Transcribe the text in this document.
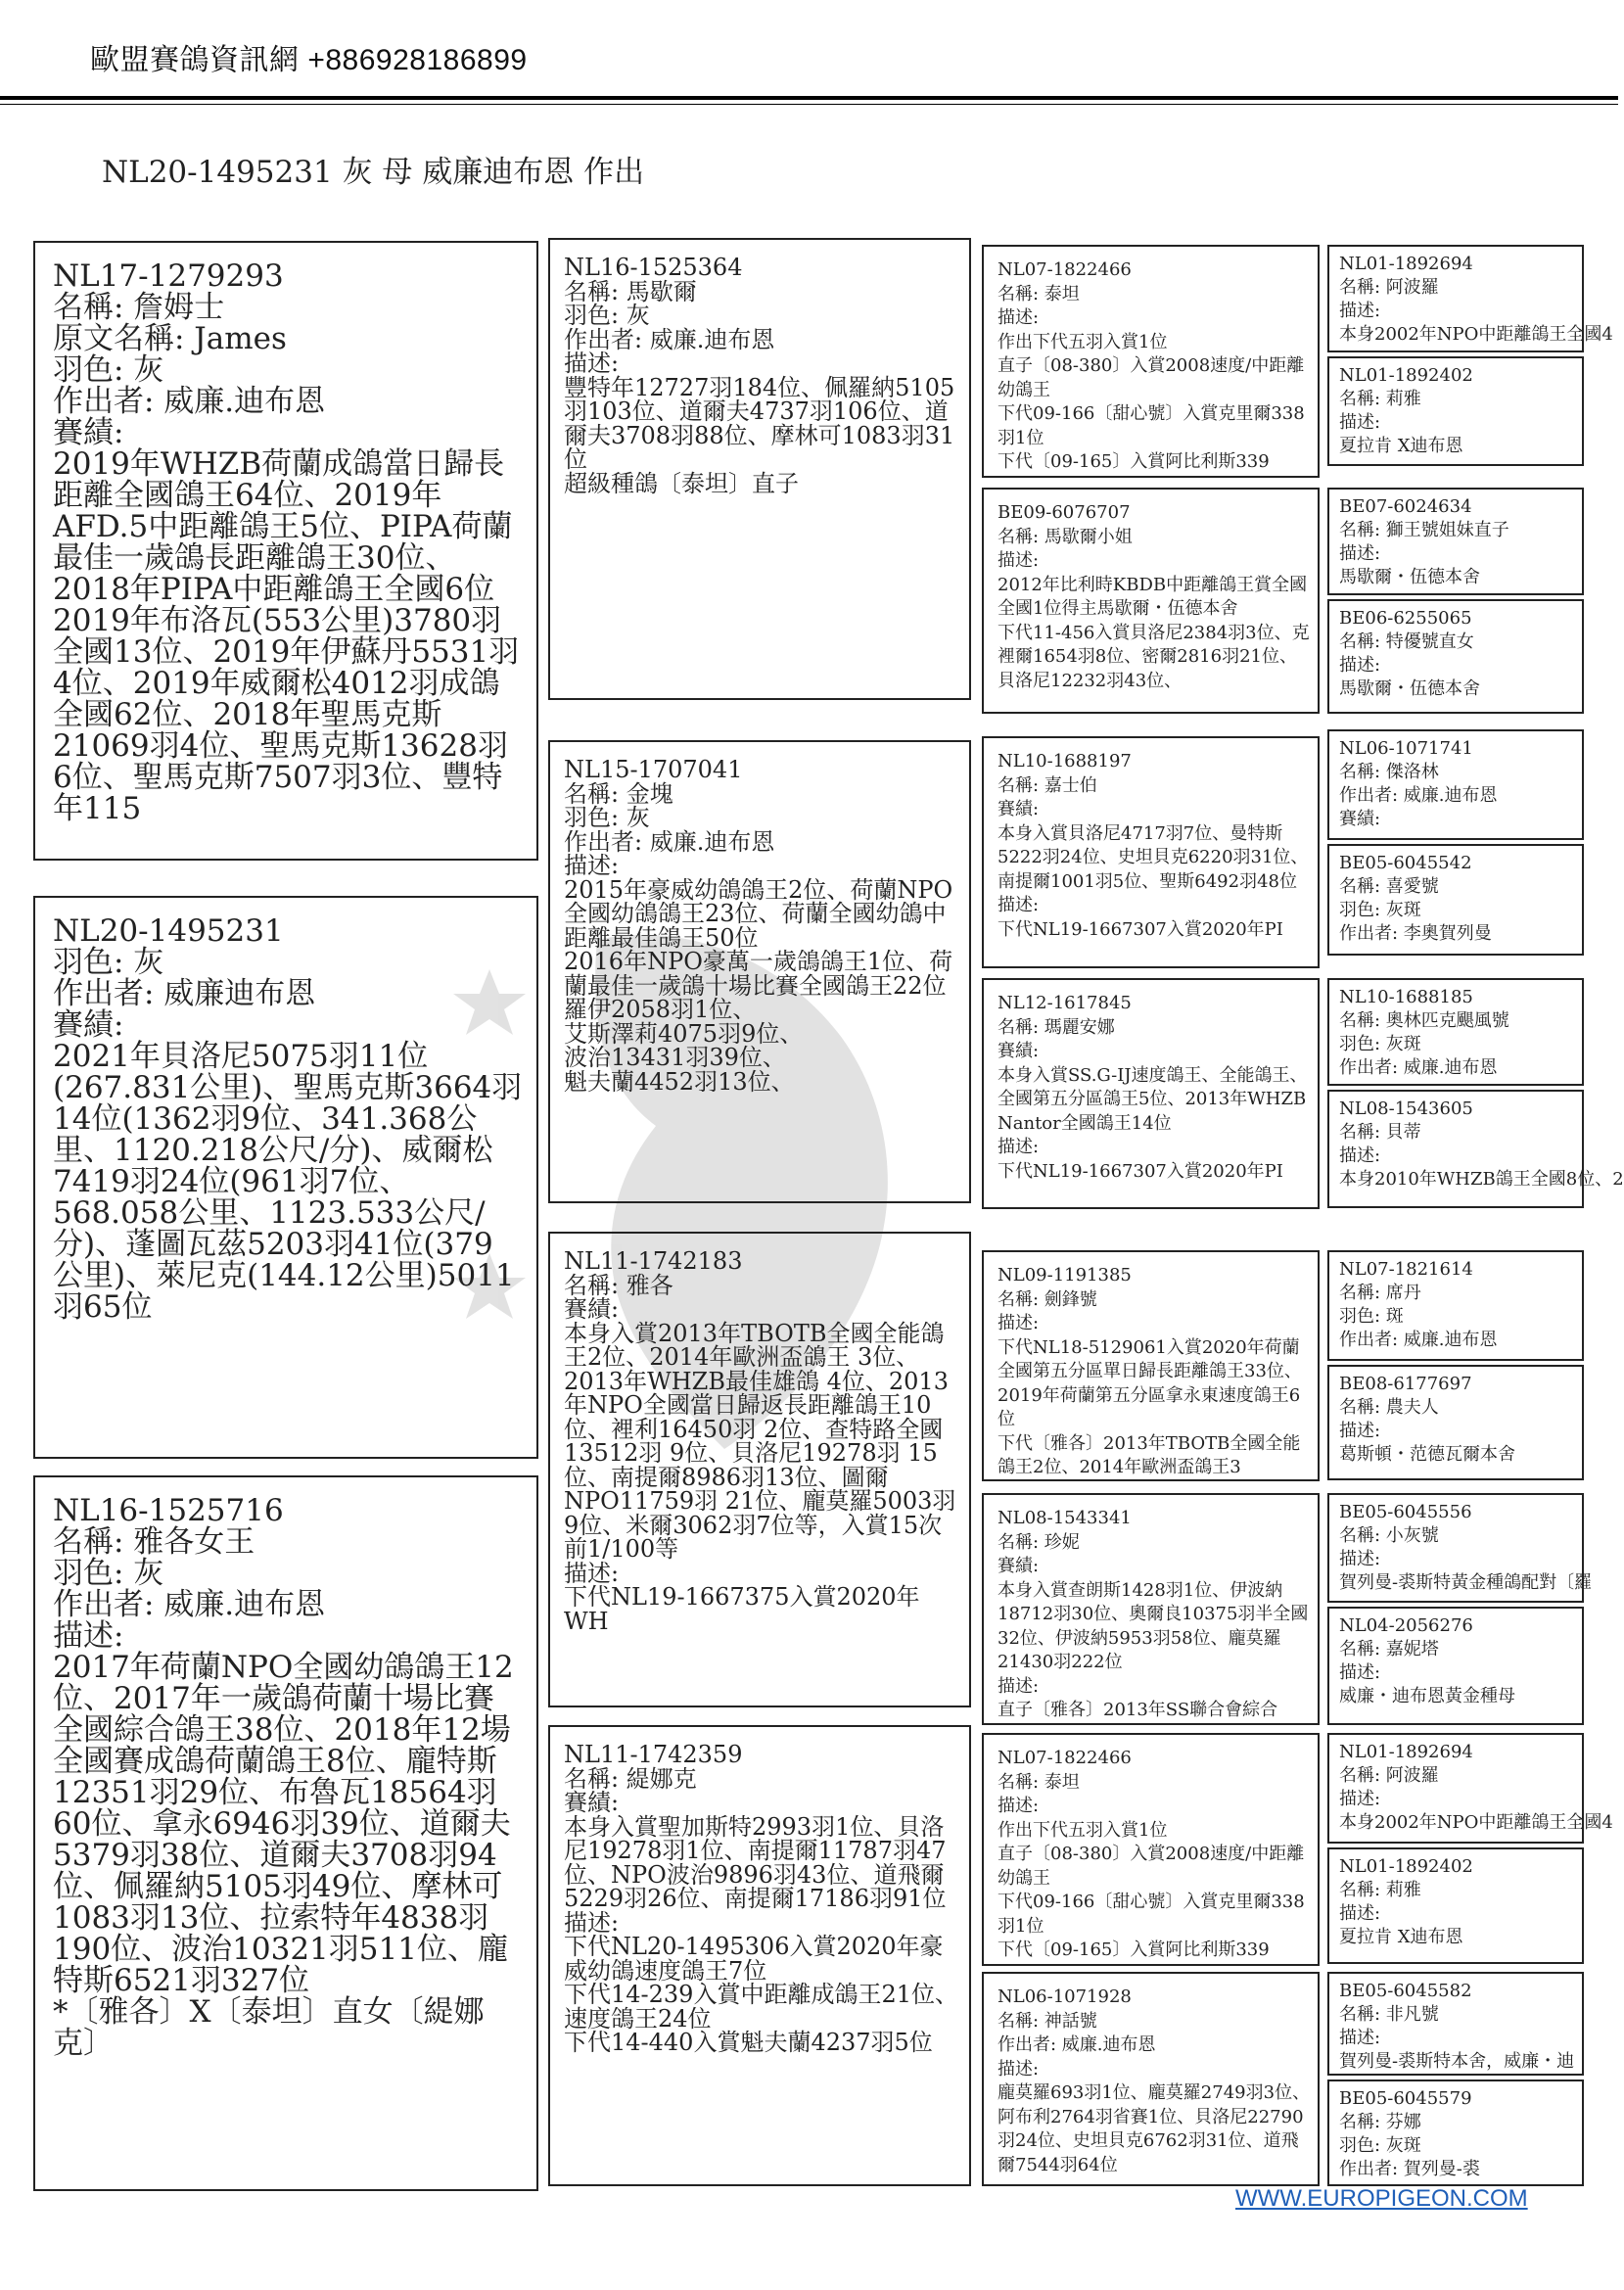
歐盟賽鴿資訊網 +886928186899
NL20-1495231 灰 母 威廉迪布恩 作出
NL17-1279293
名稱: 詹姆士
原文名稱: James
羽色: 灰
作出者: 威廉.迪布恩
賽績:
2019年WHZB荷蘭成鴿當日歸長距離全國鴿王64位、2019年AFD.5中距離鴿王5位、PIPA荷蘭最佳一歲鴿長距離鴿王30位、2018年PIPA中距離鴿王全國6位
2019年布洛瓦(553公里)3780羽全國13位、2019年伊蘇丹5531羽4位、2019年威爾松4012羽成鴿全國62位、2018年聖馬克斯21069羽4位、聖馬克斯13628羽6位、聖馬克斯7507羽3位、豐特年115
NL20-1495231
羽色: 灰
作出者: 威廉迪布恩
賽績:
2021年貝洛尼5075羽11位(267.831公里)、聖馬克斯3664羽14位(1362羽9位、341.368公里、1120.218公尺/分)、威爾松7419羽24位(961羽7位、568.058公里、1123.533公尺/分)、蓬圖瓦茲5203羽41位(379公里)、萊尼克(144.12公里)5011羽65位
NL16-1525716
名稱: 雅各女王
羽色: 灰
作出者: 威廉.迪布恩
描述:
2017年荷蘭NPO全國幼鴿鴿王12位、2017年一歲鴿荷蘭十場比賽全國綜合鴿王38位、2018年12場全國賽成鴿荷蘭鴿王8位、龐特斯12351羽29位、布魯瓦18564羽60位、拿永6946羽39位、道爾夫5379羽38位、道爾夫3708羽94位、佩羅納5105羽49位、摩林可1083羽13位、拉索特年4838羽190位、波治10321羽511位、龐特斯6521羽327位
*〔雅各〕X〔泰坦〕直女〔緹娜克〕
NL16-1525364
名稱: 馬歇爾
羽色: 灰
作出者: 威廉.迪布恩
描述:
豐特年12727羽184位、佩羅納5105羽103位、道爾夫4737羽106位、道爾夫3708羽88位、摩林可1083羽31位
超級種鴿〔泰坦〕直子
NL15-1707041
名稱: 金塊
羽色: 灰
作出者: 威廉.迪布恩
描述:
2015年豪威幼鴿鴿王2位、荷蘭NPO全國幼鴿鴿王23位、荷蘭全國幼鴿中距離最佳鴿王50位
2016年NPO豪萬一歲鴿鴿王1位、荷蘭最佳一歲鴿十場比賽全國鴿王22位
羅伊2058羽1位、
艾斯澤莉4075羽9位、
波治13431羽39位、
魁夫蘭4452羽13位、
NL11-1742183
名稱: 雅各
賽績:
本身入賞2013年TBOTB全國全能鴿王2位、2014年歐洲盃鴿王 3位、2013年WHZB最佳雄鴿 4位、2013年NPO全國當日歸返長距離鴿王10位、裡利16450羽 2位、查特路全國13512羽 9位、貝洛尼19278羽 15位、南提爾8986羽13位、圖爾NPO11759羽 21位、龐莫羅5003羽9位、米爾3062羽7位等，入賞15次前1/100等
描述:
下代NL19-1667375入賞2020年WH
NL11-1742359
名稱: 緹娜克
賽績:
本身入賞聖加斯特2993羽1位、貝洛尼19278羽1位、南提爾11787羽47位、NPO波治9896羽43位、道飛爾5229羽26位、南提爾17186羽91位
描述:
下代NL20-1495306入賞2020年豪威幼鴿速度鴿王7位
下代14-239入賞中距離成鴿王21位、速度鴿王24位
下代14-440入賞魁夫蘭4237羽5位
NL07-1822466
名稱: 泰坦
描述:
作出下代五羽入賞1位
直子〔08-380〕入賞2008速度/中距離幼鴿王
下代09-166〔甜心號〕入賞克里爾338羽1位
下代〔09-165〕入賞阿比利斯339
BE09-6076707
名稱: 馬歇爾小姐
描述:
2012年比利時KBDB中距離鴿王賞全國全國1位得主馬歇爾・伍德本舍
下代11-456入賞貝洛尼2384羽3位、克裡爾1654羽8位、密爾2816羽21位、貝洛尼12232羽43位、
NL10-1688197
名稱: 嘉士伯
賽績:
本身入賞貝洛尼4717羽7位、曼特斯5222羽24位、史坦貝克6220羽31位、南提爾1001羽5位、聖斯6492羽48位
描述:
下代NL19-1667307入賞2020年PI
NL12-1617845
名稱: 瑪麗安娜
賽績:
本身入賞SS.G-IJ速度鴿王、全能鴿王、全國第五分區鴿王5位、2013年WHZB Nantor全國鴿王14位
描述:
下代NL19-1667307入賞2020年PI
NL09-1191385
名稱: 劍鋒號
描述:
下代NL18-5129061入賞2020年荷蘭全國第五分區單日歸長距離鴿王33位、2019年荷蘭第五分區拿永東速度鴿王6位
下代〔雅各〕2013年TBOTB全國全能鴿王2位、2014年歐洲盃鴿王3
NL08-1543341
名稱: 珍妮
賽績:
本身入賞查朗斯1428羽1位、伊波納18712羽30位、奧爾良10375羽半全國32位、伊波納5953羽58位、龐莫羅21430羽222位
描述:
直子〔雅各〕2013年SS聯合會綜合
NL07-1822466
名稱: 泰坦
描述:
作出下代五羽入賞1位
直子〔08-380〕入賞2008速度/中距離幼鴿王
下代09-166〔甜心號〕入賞克里爾338羽1位
下代〔09-165〕入賞阿比利斯339
NL06-1071928
名稱: 神話號
作出者: 威廉.迪布恩
描述:
龐莫羅693羽1位、龐莫羅2749羽3位、阿布利2764羽省賽1位、貝洛尼22790羽24位、史坦貝克6762羽31位、道飛爾7544羽64位
NL01-1892694
名稱: 阿波羅
描述:
本身2002年NPO中距離鴿王全國4
NL01-1892402
名稱: 莉雅
描述:
夏拉肯 X迪布恩
BE07-6024634
名稱: 獅王號姐妹直子
描述:
馬歇爾・伍德本舍
BE06-6255065
名稱: 特優號直女
描述:
馬歇爾・伍德本舍
NL06-1071741
名稱: 傑洛林
作出者: 威廉.迪布恩
賽績:
BE05-6045542
名稱: 喜愛號
羽色: 灰斑
作出者: 李奧賀列曼
NL10-1688185
名稱: 奧林匹克颶風號
羽色: 灰斑
作出者: 威廉.迪布恩
NL08-1543605
名稱: 貝蒂
描述:
本身2010年WHZB鴿王全國8位、2
NL07-1821614
名稱: 席丹
羽色: 斑
作出者: 威廉.迪布恩
BE08-6177697
名稱: 農夫人
描述:
葛斯頓・范德瓦爾本舍
BE05-6045556
名稱: 小灰號
描述:
賀列曼-裘斯特黃金種鴿配對〔羅
NL04-2056276
名稱: 嘉妮塔
描述:
威廉・迪布恩黃金種母
NL01-1892694
名稱: 阿波羅
描述:
本身2002年NPO中距離鴿王全國4
NL01-1892402
名稱: 莉雅
描述:
夏拉肯 X迪布恩
BE05-6045582
名稱: 非凡號
描述:
賀列曼-裘斯特本舍，威廉・迪
BE05-6045579
名稱: 芬娜
羽色: 灰斑
作出者: 賀列曼-裘
WWW.EUROPIGEON.COM
